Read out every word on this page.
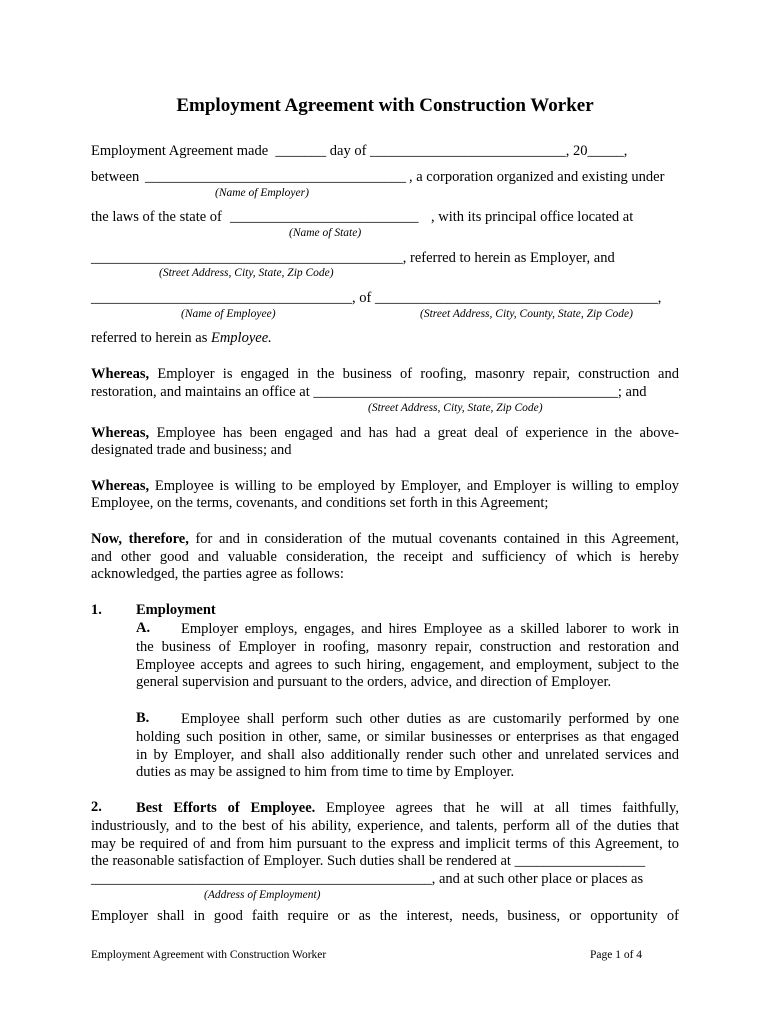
Employment Agreement with Construction Worker
Employment Agreement made  _______ day of ___________________________, 20_____,
between ____________________________________ , a corporation organized and existing under
(Name of Employer)
the laws of the state of __________________________ , with its principal office located at
(Name of State)
___________________________________________, referred to herein as Employer, and
(Street Address, City, State, Zip Code)
____________________________________, of _______________________________________,
(Name of Employee)	(Street Address, City, County, State, Zip Code)
referred to herein as Employee.
Whereas, Employer is engaged in the business of roofing, masonry repair, construction and
restoration, and maintains an office at __________________________________________; and
(Street Address, City, State, Zip Code)
Whereas, Employee has been engaged and has had a great deal of experience in the above-
designated trade and business; and
Whereas, Employee is willing to be employed by Employer, and Employer is willing to employ
Employee, on the terms, covenants, and conditions set forth in this Agreement;
Now, therefore, for and in consideration of the mutual covenants contained in this Agreement,
and other good and valuable consideration, the receipt and sufficiency of which is hereby
acknowledged, the parties agree as follows:
1. Employment
A. Employer employs, engages, and hires Employee as a skilled laborer to work in
the business of Employer in roofing, masonry repair, construction and restoration and
Employee accepts and agrees to such hiring, engagement, and employment, subject to the
general supervision and pursuant to the orders, advice, and direction of Employer.
B. Employee shall perform such other duties as are customarily performed by one
holding such position in other, same, or similar businesses or enterprises as that engaged
in by Employer, and shall also additionally render such other and unrelated services and
duties as may be assigned to him from time to time by Employer.
2. Best Efforts of Employee. Employee agrees that he will at all times faithfully,
industriously, and to the best of his ability, experience, and talents, perform all of the duties that
may be required of and from him pursuant to the express and implicit terms of this Agreement, to
the reasonable satisfaction of Employer. Such duties shall be rendered at __________________
_______________________________________________, and at such other place or places as
(Address of Employment)
Employer shall in good faith require or as the interest, needs, business, or opportunity of
Employment Agreement with Construction Worker	Page 1 of 4
